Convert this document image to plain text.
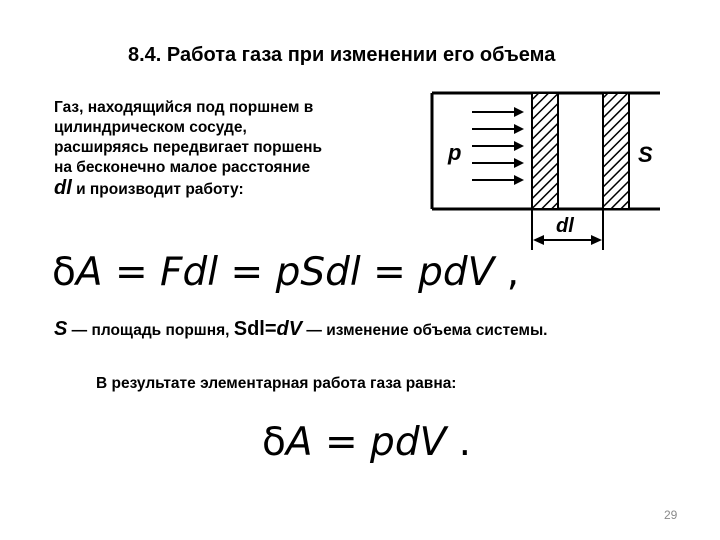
8.4. Работа газа при изменении его объема
Газ, находящийся под поршнем в цилиндрическом сосуде, расширяясь передвигает поршень на бесконечно малое расстояние
dl и производит работу:
p	S
dl
δA = Fdl = pSdl = pdV ,
S — площадь поршня, Sdl=dV — изменение объема системы.
В результате элементарная работа газа равна:
δA = pdV .
29
